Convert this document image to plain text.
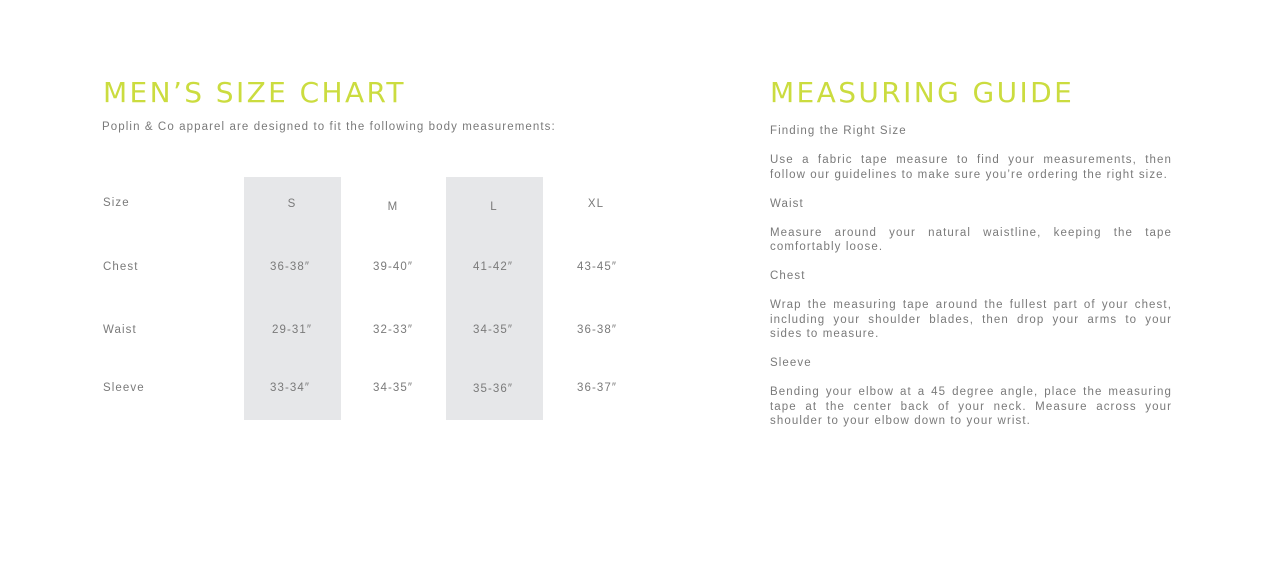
MEN’S SIZE CHART

Poplin & Co apparel are designed to fit the following body measurements:

Size	S	M	L	XL
Chest	36-38″	39-40″	41-42″	43-45″
Waist	29-31″	32-33″	34-35″	36-38″
Sleeve	33-34″	34-35″	35-36″	36-37″
MEASURING GUIDE

Finding the Right Size

Use a fabric tape measure to find your measurements, then follow our guidelines to make sure you’re ordering the right size.

Waist

Measure around your natural waistline, keeping the tape comfortably loose.

Chest

Wrap the measuring tape around the fullest part of your chest, including your shoulder blades, then drop your arms to your sides to measure.

Sleeve

Bending your elbow at a 45 degree angle, place the measuring tape at the center back of your neck. Measure across your shoulder to your elbow down to your wrist.
